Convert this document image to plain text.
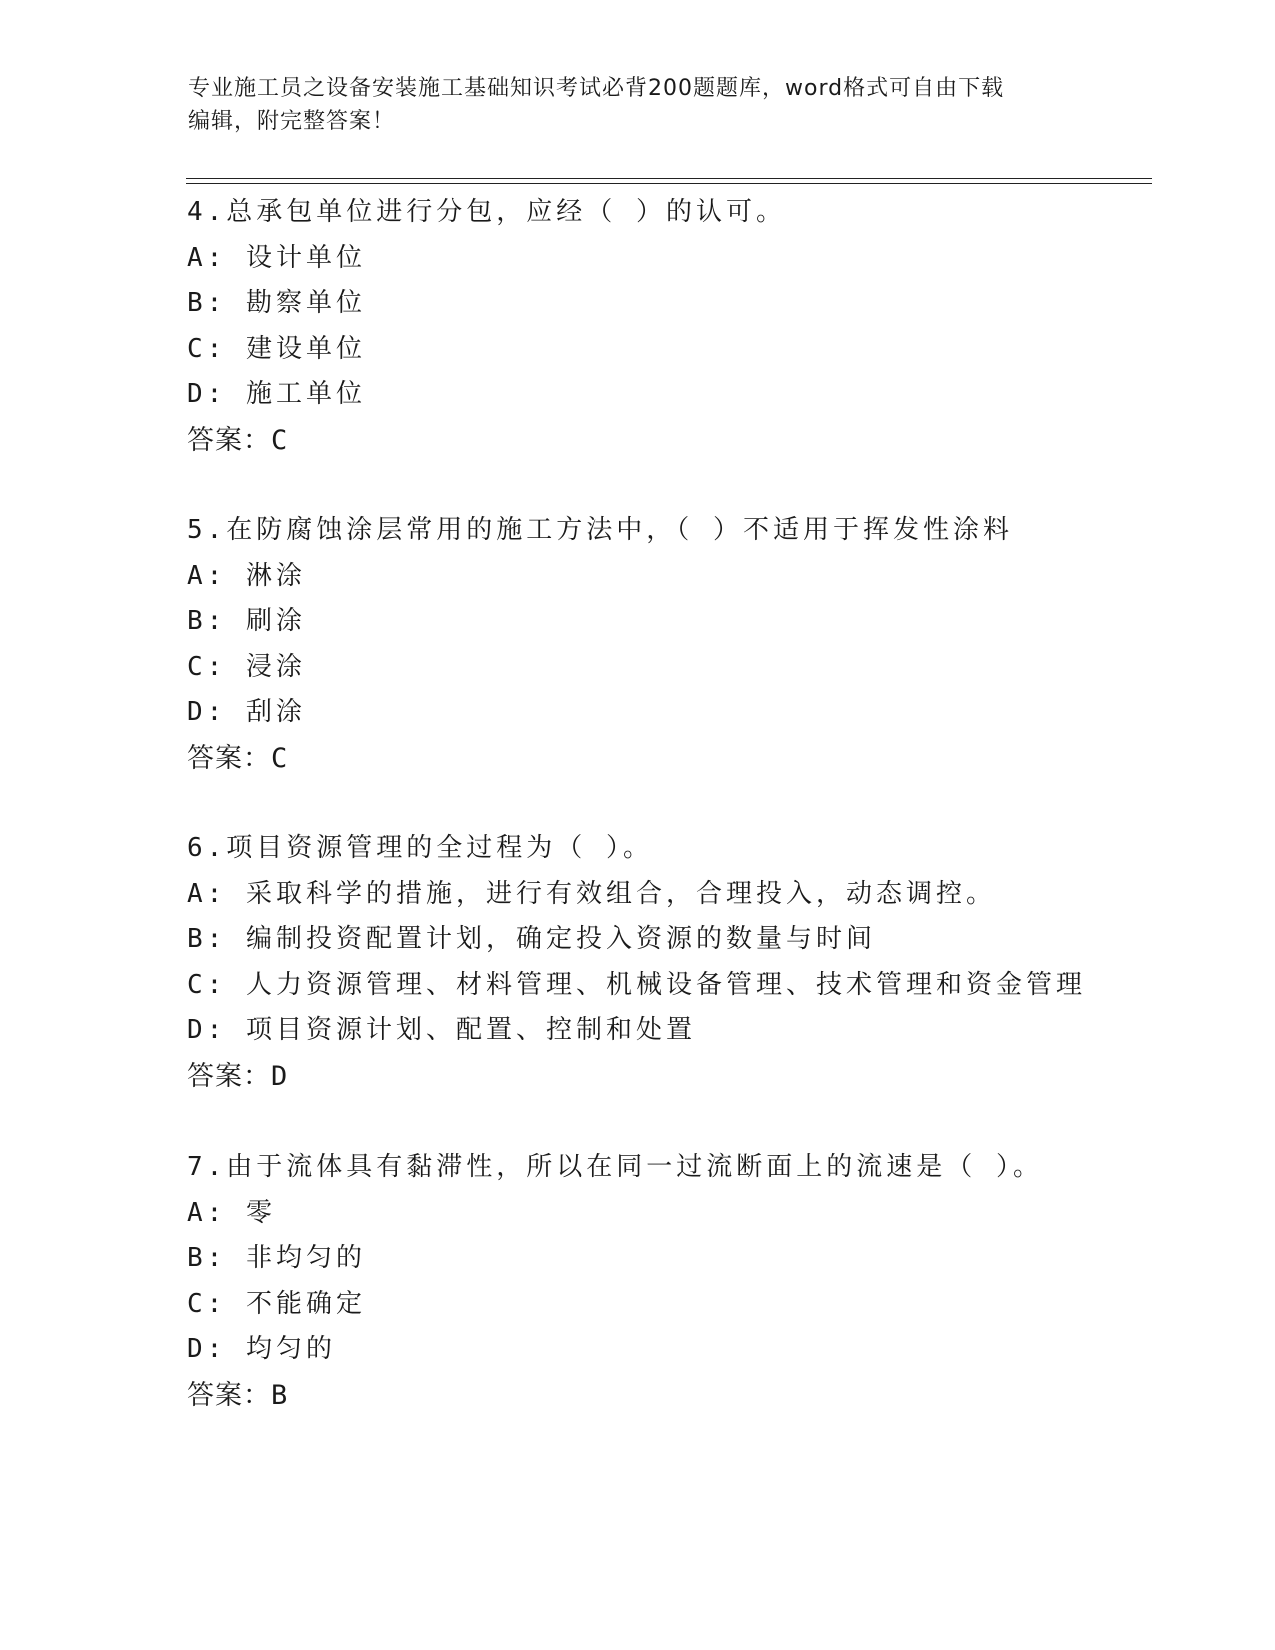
专业施工员之设备安装施工基础知识考试必背200题题库，word格式可自由下载
编辑，附完整答案！
4.总承包单位进行分包，应经（ ）的认可。
A: 设计单位
B: 勘察单位
C: 建设单位
D: 施工单位
答案：C
5.在防腐蚀涂层常用的施工方法中，（ ）不适用于挥发性涂料
A: 淋涂
B: 刷涂
C: 浸涂
D: 刮涂
答案：C
6.项目资源管理的全过程为（ ）。
A: 采取科学的措施，进行有效组合，合理投入，动态调控。
B: 编制投资配置计划，确定投入资源的数量与时间
C: 人力资源管理、材料管理、机械设备管理、技术管理和资金管理
D: 项目资源计划、配置、控制和处置
答案：D
7.由于流体具有黏滞性，所以在同一过流断面上的流速是（ ）。
A: 零
B: 非均匀的
C: 不能确定
D: 均匀的
答案：B
